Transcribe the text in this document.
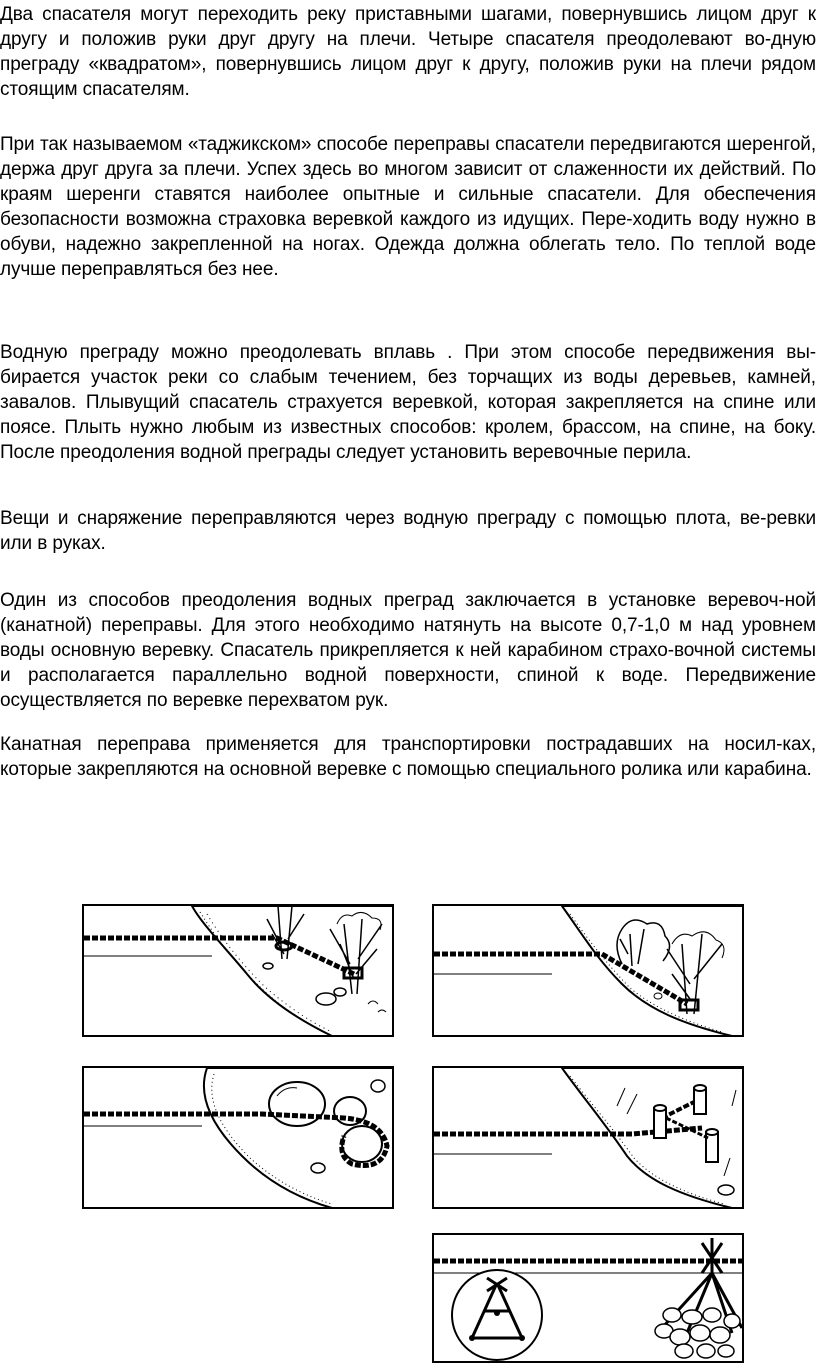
Два спасателя могут переходить реку приставными шагами, повернувшись лицом друг к другу и положив руки друг другу на плечи. Четыре спасателя преодолевают во-дную преграду «квадратом», повернувшись лицом друг к другу, положив руки на плечи рядом стоящим спасателям.

При так называемом «таджикском» способе переправы спасатели передвигаются шеренгой, держа друг друга за плечи. Успех здесь во многом зависит от слаженности их действий. По краям шеренги ставятся наиболее опытные и сильные спасатели. Для обеспечения безопасности возможна страховка веревкой каждого из идущих. Пере-ходить воду нужно в обуви, надежно закрепленной на ногах. Одежда должна облегать тело. По теплой воде лучше переправляться без нее.

Водную преграду можно преодолевать вплавь . При этом способе передвижения вы-бирается участок реки со слабым течением, без торчащих из воды деревьев, камней, завалов. Плывущий спасатель страхуется веревкой, которая закрепляется на спине или поясе. Плыть нужно любым из известных способов: кролем, брассом, на спине, на боку. После преодоления водной преграды следует установить веревочные перила.

Вещи и снаряжение переправляются через водную преграду с помощью плота, ве-ревки или в руках.

Один из способов преодоления водных преград заключается в установке веревоч-ной (канатной) переправы. Для этого необходимо натянуть на высоте 0,7-1,0 м над уровнем воды основную веревку. Спасатель прикрепляется к ней карабином страхо-вочной системы и располагается параллельно водной поверхности, спиной к воде. Передвижение осуществляется по веревке перехватом рук.

Канатная переправа применяется для транспортировки пострадавших на носил-ках, которые закрепляются на основной веревке с помощью специального ролика или карабина.
